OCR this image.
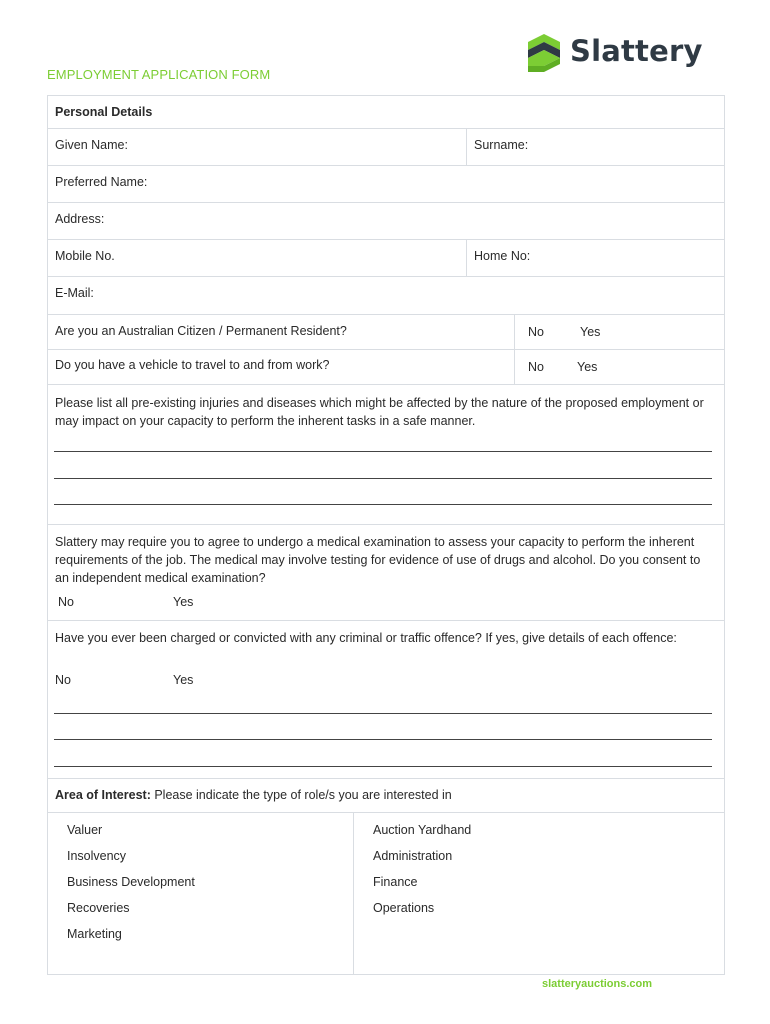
Slattery
EMPLOYMENT APPLICATION FORM
Personal Details
Given Name:	Surname:
Preferred Name:
Address:
Mobile No.	Home No:
E-Mail:
Are you an Australian Citizen / Permanent Resident?	No	Yes
Do you have a vehicle to travel to and from work?	No	Yes
Please list all pre-existing injuries and diseases which might be affected by the nature of the proposed employment or may impact on your capacity to perform the inherent tasks in a safe manner.
Slattery may require you to agree to undergo a medical examination to assess your capacity to perform the inherent requirements of the job. The medical may involve testing for evidence of use of drugs and alcohol. Do you consent to an independent medical examination?
No	Yes
Have you ever been charged or convicted with any criminal or traffic offence? If yes, give details of each offence:
No	Yes
Area of Interest: Please indicate the type of role/s you are interested in
Valuer
Insolvency
Business Development
Recoveries
Marketing
Auction Yardhand
Administration
Finance
Operations
slatteryauctions.com
